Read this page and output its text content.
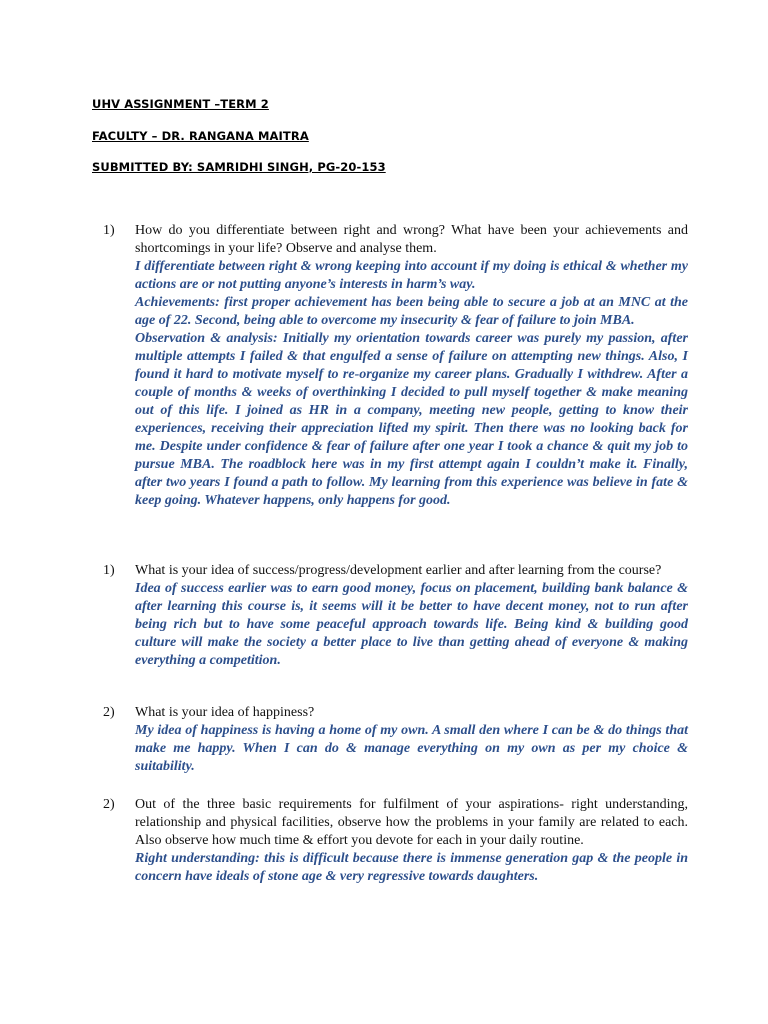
UHV ASSIGNMENT –TERM 2
FACULTY – DR. RANGANA MAITRA
SUBMITTED BY: SAMRIDHI SINGH, PG-20-153
1) How do you differentiate between right and wrong? What have been your achievements and shortcomings in your life? Observe and analyse them.

I differentiate between right & wrong keeping into account if my doing is ethical & whether my actions are or not putting anyone’s interests in harm’s way.

Achievements: first proper achievement has been being able to secure a job at an MNC at the age of 22. Second, being able to overcome my insecurity & fear of failure to join MBA.

Observation & analysis: Initially my orientation towards career was purely my passion, after multiple attempts I failed & that engulfed a sense of failure on attempting new things. Also, I found it hard to motivate myself to re-organize my career plans. Gradually I withdrew. After a couple of months & weeks of overthinking I decided to pull myself together & make meaning out of this life. I joined as HR in a company, meeting new people, getting to know their experiences, receiving their appreciation lifted my spirit. Then there was no looking back for me. Despite under confidence & fear of failure after one year I took a chance & quit my job to pursue MBA. The roadblock here was in my first attempt again I couldn’t make it. Finally, after two years I found a path to follow. My learning from this experience was believe in fate & keep going. Whatever happens, only happens for good.

1) What is your idea of success/progress/development earlier and after learning from the course?

Idea of success earlier was to earn good money, focus on placement, building bank balance & after learning this course is, it seems will it be better to have decent money, not to run after being rich but to have some peaceful approach towards life. Being kind & building good culture will make the society a better place to live than getting ahead of everyone & making everything a competition.

2) What is your idea of happiness?

My idea of happiness is having a home of my own. A small den where I can be & do things that make me happy. When I can do & manage everything on my own as per my choice & suitability.

2) Out of the three basic requirements for fulfilment of your aspirations- right understanding, relationship and physical facilities, observe how the problems in your family are related to each. Also observe how much time & effort you devote for each in your daily routine.

Right understanding: this is difficult because there is immense generation gap & the people in concern have ideals of stone age & very regressive towards daughters.
